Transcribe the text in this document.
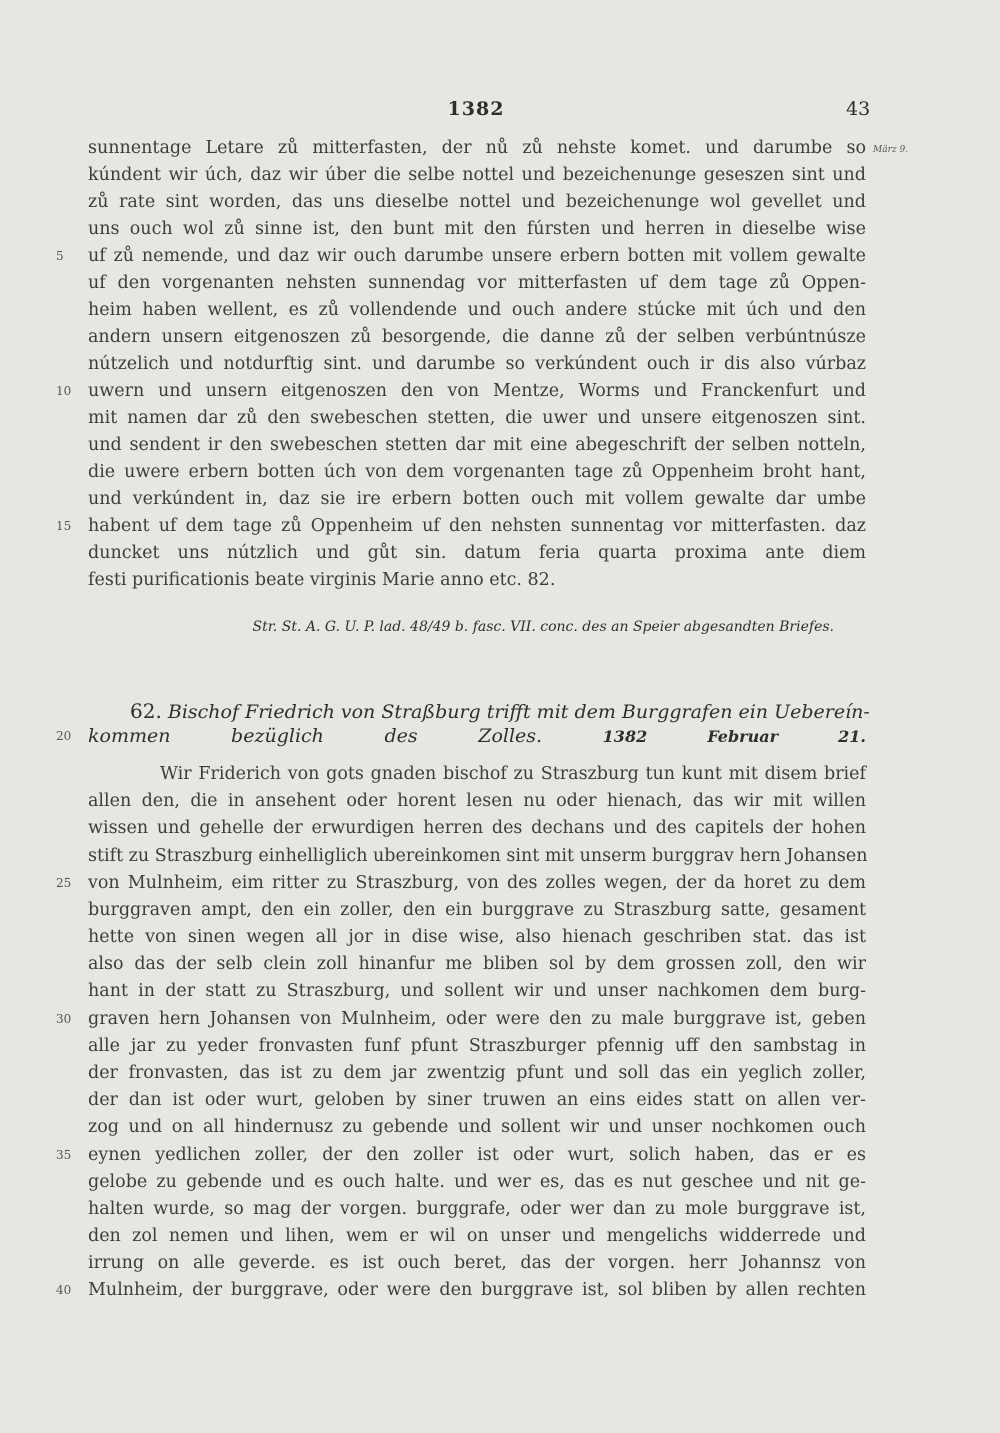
1382	43
März 9.
sunnentage Letare zů mitterfasten, der nů zů nehste komet. und darumbe so
kúndent wir úch, daz wir úber die selbe nottel und bezeichenunge geseszen sint und
zů rate sint worden, das uns dieselbe nottel und bezeichenunge wol gevellet und
uns ouch wol zů sinne ist, den bunt mit den fúrsten und herren in dieselbe wise
uf zů nemende, und daz wir ouch darumbe unsere erbern botten mit vollem gewalte
uf den vorgenanten nehsten sunnendag vor mitterfasten uf dem tage zů Oppen-
heim haben wellent, es zů vollendende und ouch andere stúcke mit úch und den
andern unsern eitgenoszen zů besorgende, die danne zů der selben verbúntnúsze
nútzelich und notdurftig sint. und darumbe so verkúndent ouch ir dis also vúrbaz
uwern und unsern eitgenoszen den von Mentze, Worms und Franckenfurt und
mit namen dar zů den swebeschen stetten, die uwer und unsere eitgenoszen sint.
und sendent ir den swebeschen stetten dar mit eine abegeschrift der selben notteln,
die uwere erbern botten úch von dem vorgenanten tage zů Oppenheim broht hant,
und verkúndent in, daz sie ire erbern botten ouch mit vollem gewalte dar umbe
habent uf dem tage zů Oppenheim uf den nehsten sunnentag vor mitterfasten. daz
duncket uns nútzlich und gůt sin. datum feria quarta proxima ante diem
festi purificationis beate virginis Marie anno etc. 82.
5
10
15
Str. St. A. G. U. P. lad. 48/49 b. fasc. VII. conc. des an Speier abgesandten Briefes.
62. Bischof Friedrich von Straßburg trifft mit dem Burggrafen ein Uebereín-
kommen bezüglich des Zolles.	1382 Februar 21.
20
Wir Friderich von gots gnaden bischof zu Straszburg tun kunt mit disem brief
allen den, die in ansehent oder horent lesen nu oder hienach, das wir mit willen
wissen und gehelle der erwurdigen herren des dechans und des capitels der hohen
stift zu Straszburg einhelliglich ubereinkomen sint mit unserm burggrav hern Johansen
von Mulnheim, eim ritter zu Straszburg, von des zolles wegen, der da horet zu dem
burggraven ampt, den ein zoller, den ein burggrave zu Straszburg satte, gesament
hette von sinen wegen all jor in dise wise, also hienach geschriben stat. das ist
also das der selb clein zoll hinanfur me bliben sol by dem grossen zoll, den wir
hant in der statt zu Straszburg, und sollent wir und unser nachkomen dem burg-
graven hern Johansen von Mulnheim, oder were den zu male burggrave ist, geben
alle jar zu yeder fronvasten funf pfunt Straszburger pfennig uff den sambstag in
der fronvasten, das ist zu dem jar zwentzig pfunt und soll das ein yeglich zoller,
der dan ist oder wurt, geloben by siner truwen an eins eides statt on allen ver-
zog und on all hindernusz zu gebende und sollent wir und unser nochkomen ouch
eynen yedlichen zoller, der den zoller ist oder wurt, solich haben, das er es
gelobe zu gebende und es ouch halte. und wer es, das es nut geschee und nit ge-
halten wurde, so mag der vorgen. burggrafe, oder wer dan zu mole burggrave ist,
den zol nemen und lihen, wem er wil on unser und mengelichs widderrede und
irrung on alle geverde. es ist ouch beret, das der vorgen. herr Johannsz von
Mulnheim, der burggrave, oder were den burggrave ist, sol bliben by allen rechten
25
30
35
40
